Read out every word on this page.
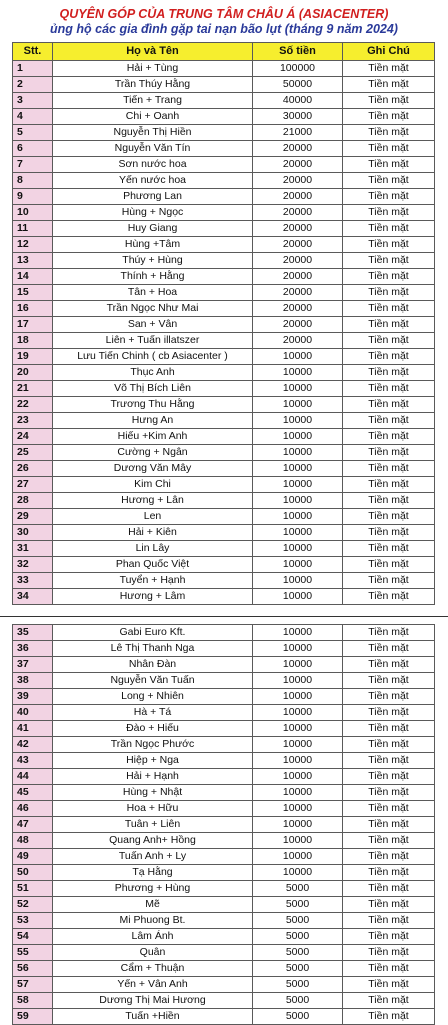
QUYÊN GÓP CỦA TRUNG TÂM CHÂU Á (ASIACENTER)
ủng hộ các gia đình gặp tai nạn bão lụt (tháng 9 năm 2024)
Stt.	Họ và Tên	Số tiền	Ghi Chú
1	Hải + Tùng	100000	Tiền mặt
2	Trần Thúy Hằng	50000	Tiền mặt
3	Tiến + Trang	40000	Tiền mặt
4	Chi + Oanh	30000	Tiền mặt
5	Nguyễn Thị Hiền	21000	Tiền mặt
6	Nguyễn Văn Tín	20000	Tiền mặt
7	Sơn nước hoa	20000	Tiền mặt
8	Yến nước hoa	20000	Tiền mặt
9	Phương Lan	20000	Tiền mặt
10	Hùng + Ngọc	20000	Tiền mặt
11	Huy Giang	20000	Tiền mặt
12	Hùng +Tâm	20000	Tiền mặt
13	Thúy + Hùng	20000	Tiền mặt
14	Thính + Hằng	20000	Tiền mặt
15	Tân + Hoa	20000	Tiền mặt
16	Trần Ngọc Như Mai	20000	Tiền mặt
17	San + Vân	20000	Tiền mặt
18	Liên + Tuấn illatszer	20000	Tiền mặt
19	Lưu Tiến Chinh ( cb Asiacenter )	10000	Tiền mặt
20	Thục Anh	10000	Tiền mặt
21	Võ Thị Bích Liên	10000	Tiền mặt
22	Trương Thu Hằng	10000	Tiền mặt
23	Hưng An	10000	Tiền mặt
24	Hiếu +Kim Anh	10000	Tiền mặt
25	Cường + Ngân	10000	Tiền mặt
26	Dương Văn Mây	10000	Tiền mặt
27	Kim Chi	10000	Tiền mặt
28	Hương + Lân	10000	Tiền mặt
29	Len	10000	Tiền mặt
30	Hải + Kiên	10000	Tiền mặt
31	Lin Lây	10000	Tiền mặt
32	Phan Quốc Việt	10000	Tiền mặt
33	Tuyển + Hạnh	10000	Tiền mặt
34	Hương + Lâm	10000	Tiền mặt
35	Gabi Euro Kft.	10000	Tiền mặt
36	Lê Thị Thanh Nga	10000	Tiền mặt
37	Nhân Đàn	10000	Tiền mặt
38	Nguyễn Văn Tuấn	10000	Tiền mặt
39	Long + Nhiên	10000	Tiền mặt
40	Hà + Tá	10000	Tiền mặt
41	Đào + Hiếu	10000	Tiền mặt
42	Trần Ngọc Phước	10000	Tiền mặt
43	Hiệp + Nga	10000	Tiền mặt
44	Hải + Hạnh	10000	Tiền mặt
45	Hùng + Nhật	10000	Tiền mặt
46	Hoa + Hữu	10000	Tiền mặt
47	Tuân + Liên	10000	Tiền mặt
48	Quang Anh+ Hồng	10000	Tiền mặt
49	Tuấn Anh + Ly	10000	Tiền mặt
50	Tạ Hằng	10000	Tiền mặt
51	Phương + Hùng	5000	Tiền mặt
52	Mẽ	5000	Tiền mặt
53	Mi Phuong Bt.	5000	Tiền mặt
54	Lâm Ánh	5000	Tiền mặt
55	Quân	5000	Tiền mặt
56	Cẩm + Thuận	5000	Tiền mặt
57	Yến + Vân Anh	5000	Tiền mặt
58	Dương Thị Mai Hương	5000	Tiền mặt
59	Tuấn +Hiền	5000	Tiền mặt
